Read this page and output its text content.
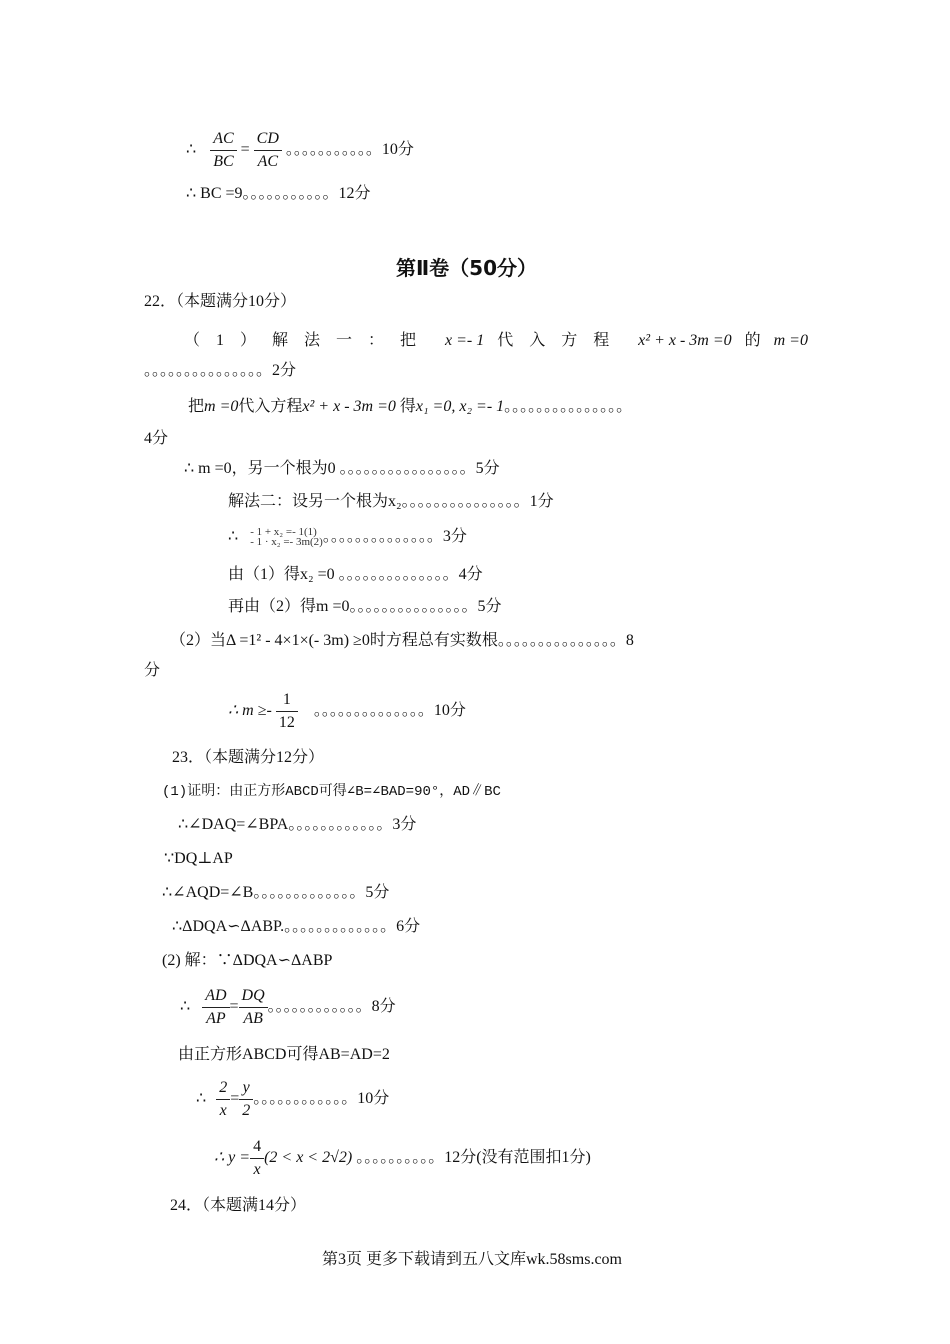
∴ $\frac{AC}{BC} = \frac{CD}{AC}$ 。。。。。。。。。。。10分
∴ BC =9。。。。。。。。。。。12分
第Ⅱ卷（50分）
22．（本题满分10分）
（1）解法一：把 x =- 1 代入方程 x² + x - 3m =0 的 m =0
。。。。。。。。。。。。。。。2分
把m =0代入方程x² + x - 3m =0 得x₁ =0, x₂ =- 1。。。。。。。。。。。。。。。
4分
∴ m =0，另一个根为0 。。。。。。。。。。。。。。。。5分
解法二：设另一个根为x₂。。。。。。。。。。。。。。。1分
∴ - 1 + x₂ =- 1(1)
- 1 · x₂ =- 3m(2) 。。。。。。。。。。。。。。3分
由（1）得x₂ =0 。。。。。。。。。。。。。。4分
再由（2）得m =0。。。。。。。。。。。。。。。5分
（2）当Δ =1² - 4×1×(- 3m) ≥0时方程总有实数根。。。。。。。。。。。。。。。8
分
∴ $m \ge- \frac{1}{12}$ 。。。。。。。。。。。。。。10分
23．（本题满分12分）
(1)证明：由正方形ABCD可得∠B=∠BAD=90°，AD∥BC
∴∠DAQ=∠BPA。。。。。。。。。。。。3分
∵DQ⊥AP
∴∠AQD=∠B。。。。。。。。。。。。。5分
∴ΔDQA∽ΔABP.。。。。。。。。。。。。。6分
(2) 解：∵ΔDQA∽ΔABP
∴ $\frac{AD}{AP} = \frac{DQ}{AB}$ 。。。。。。。。。。。。8分
由正方形ABCD可得AB=AD=2
∴ $\frac{2}{x} = \frac{y}{2}$ 。。。。。。。。。。。。10分
∴ $y = \frac{4}{x} (2 < x < 2√2)$ 。。。。。。。。。。12分(没有范围扣1分)
24．（本题满14分）
第3页 更多下载请到五八文库wk.58sms.com
